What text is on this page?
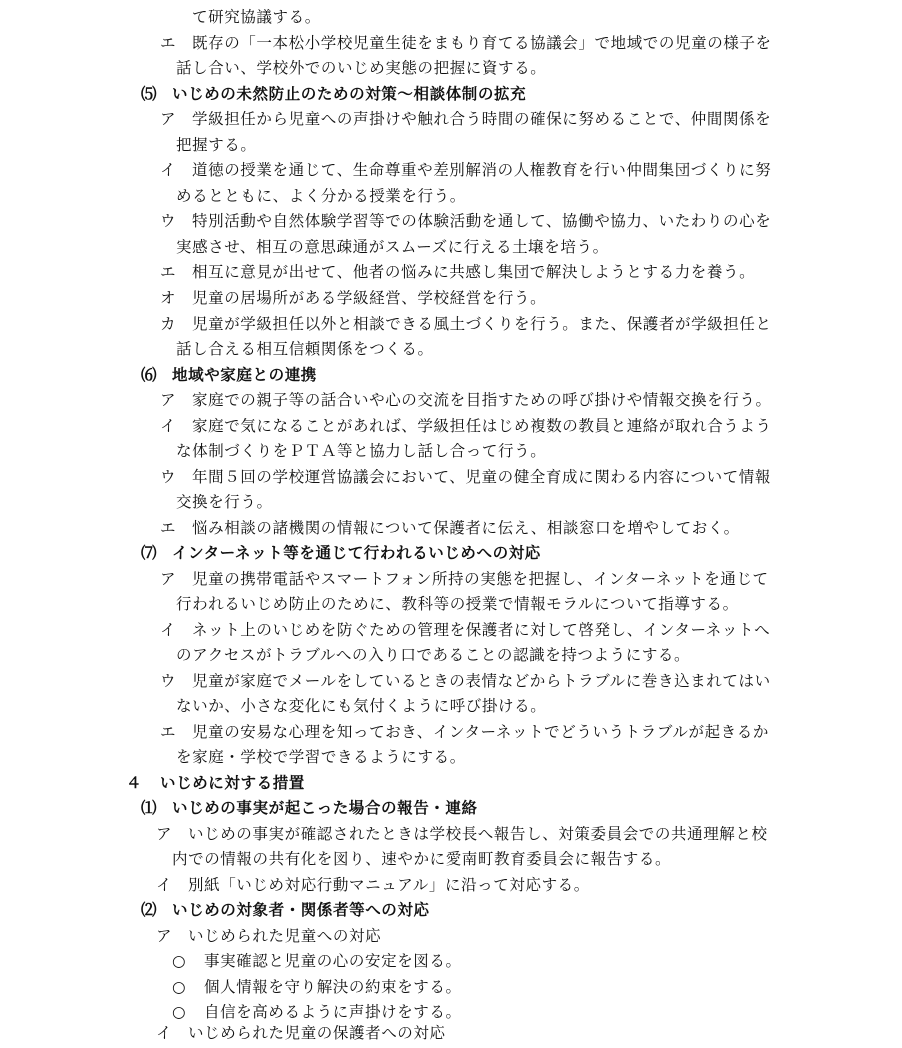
て研究協議する。
エ 既存の「一本松小学校児童生徒をまもり育てる協議会」で地域での児童の様子を
話し合い、学校外でのいじめ実態の把握に資する。
⑸ いじめの未然防止のための対策～相談体制の拡充
ア 学級担任から児童への声掛けや触れ合う時間の確保に努めることで、仲間関係を
把握する。
イ 道徳の授業を通じて、生命尊重や差別解消の人権教育を行い仲間集団づくりに努
めるとともに、よく分かる授業を行う。
ウ 特別活動や自然体験学習等での体験活動を通して、協働や協力、いたわりの心を
実感させ、相互の意思疎通がスムーズに行える土壌を培う。
エ 相互に意見が出せて、他者の悩みに共感し集団で解決しようとする力を養う。
オ 児童の居場所がある学級経営、学校経営を行う。
カ 児童が学級担任以外と相談できる風土づくりを行う。また、保護者が学級担任と
話し合える相互信頼関係をつくる。
⑹ 地域や家庭との連携
ア 家庭での親子等の話合いや心の交流を目指すための呼び掛けや情報交換を行う。
イ 家庭で気になることがあれば、学級担任はじめ複数の教員と連絡が取れ合うよう
な体制づくりをＰＴＡ等と協力し話し合って行う。
ウ 年間５回の学校運営協議会において、児童の健全育成に関わる内容について情報
交換を行う。
エ 悩み相談の諸機関の情報について保護者に伝え、相談窓口を増やしておく。
⑺ インターネット等を通じて行われるいじめへの対応
ア 児童の携帯電話やスマートフォン所持の実態を把握し、インターネットを通じて
行われるいじめ防止のために、教科等の授業で情報モラルについて指導する。
イ ネット上のいじめを防ぐための管理を保護者に対して啓発し、インターネットへ
のアクセスがトラブルへの入り口であることの認識を持つようにする。
ウ 児童が家庭でメールをしているときの表情などからトラブルに巻き込まれてはい
ないか、小さな変化にも気付くように呼び掛ける。
エ 児童の安易な心理を知っておき、インターネットでどういうトラブルが起きるか
を家庭・学校で学習できるようにする。
４ いじめに対する措置
⑴ いじめの事実が起こった場合の報告・連絡
ア いじめの事実が確認されたときは学校長へ報告し、対策委員会での共通理解と校
内での情報の共有化を図り、速やかに愛南町教育委員会に報告する。
イ 別紙「いじめ対応行動マニュアル」に沿って対応する。
⑵ いじめの対象者・関係者等への対応
ア いじめられた児童への対応
○ 事実確認と児童の心の安定を図る。
○ 個人情報を守り解決の約束をする。
○ 自信を高めるように声掛けをする。
イ いじめられた児童の保護者への対応
